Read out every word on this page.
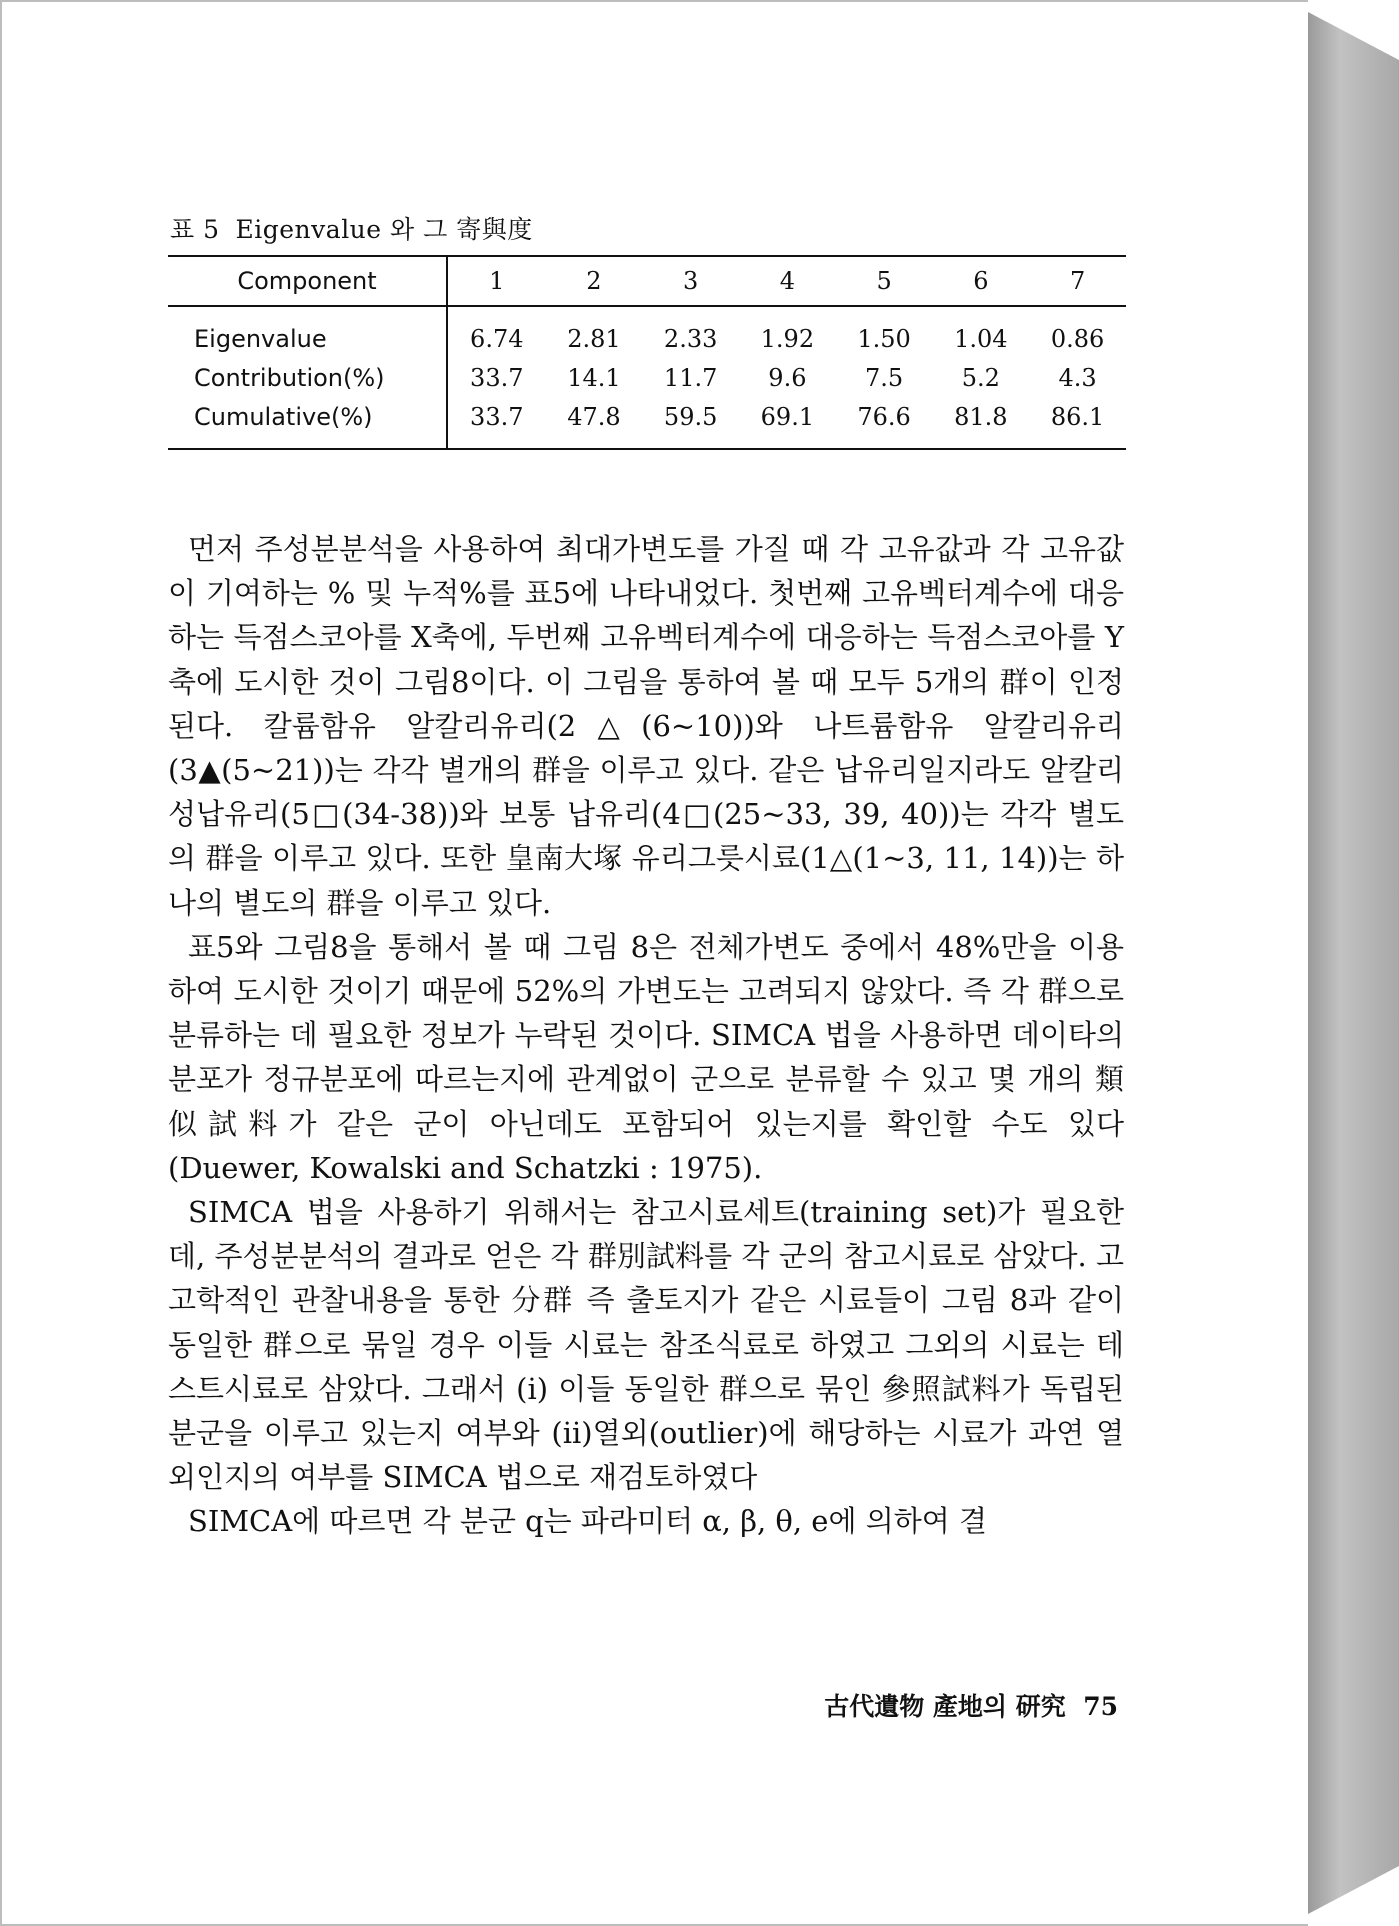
표 5 Eigenvalue 와 그 寄與度
Component	1	2	3	4	5	6	7
Eigenvalue	6.74	2.81	2.33	1.92	1.50	1.04	0.86
Contribution(%)	33.7	14.1	11.7	9.6	7.5	5.2	4.3
Cumulative(%)	33.7	47.8	59.5	69.1	76.6	81.8	86.1

먼저 주성분분석을 사용하여 최대가변도를 가질 때 각 고유값과 각 고유값이 기여하는 % 및 누적%를 표5에 나타내었다. 첫번째 고유벡터계수에 대응하는 득점스코아를 X축에, 두번째 고유벡터계수에 대응하는 득점스코아를 Y축에 도시한 것이 그림8이다. 이 그림을 통하여 볼 때 모두 5개의 群이 인정된다. 칼륨함유 알칼리유리(2△(6~10))와 나트륨함유 알칼리유리(3▲(5~21))는 각각 별개의 群을 이루고 있다. 같은 납유리일지라도 알칼리성납유리(5□(34-38))와 보통 납유리(4□(25~33, 39, 40))는 각각 별도의 群을 이루고 있다. 또한 皇南大塚 유리그릇시료(1△(1~3, 11, 14))는 하나의 별도의 群을 이루고 있다.

표5와 그림8을 통해서 볼 때 그림 8은 전체가변도 중에서 48%만을 이용하여 도시한 것이기 때문에 52%의 가변도는 고려되지 않았다. 즉 각 群으로 분류하는 데 필요한 정보가 누락된 것이다. SIMCA 법을 사용하면 데이타의 분포가 정규분포에 따르는지에 관계없이 군으로 분류할 수 있고 몇 개의 類似試料가 같은 군이 아닌데도 포함되어 있는지를 확인할 수도 있다(Duewer, Kowalski and Schatzki : 1975).

SIMCA 법을 사용하기 위해서는 참고시료세트(training set)가 필요한데, 주성분분석의 결과로 얻은 각 群別試料를 각 군의 참고시료로 삼았다. 고고학적인 관찰내용을 통한 分群 즉 출토지가 같은 시료들이 그림 8과 같이 동일한 群으로 묶일 경우 이들 시료는 참조식료로 하였고 그외의 시료는 테스트시료로 삼았다. 그래서 (i) 이들 동일한 群으로 묶인 參照試料가 독립된 분군을 이루고 있는지 여부와 (ii)열외(outlier)에 해당하는 시료가 과연 열외인지의 여부를 SIMCA 법으로 재검토하였다

SIMCA에 따르면 각 분군 q는 파라미터 α, β, θ, e에 의하여 결

古代遺物 產地의 研究 75
